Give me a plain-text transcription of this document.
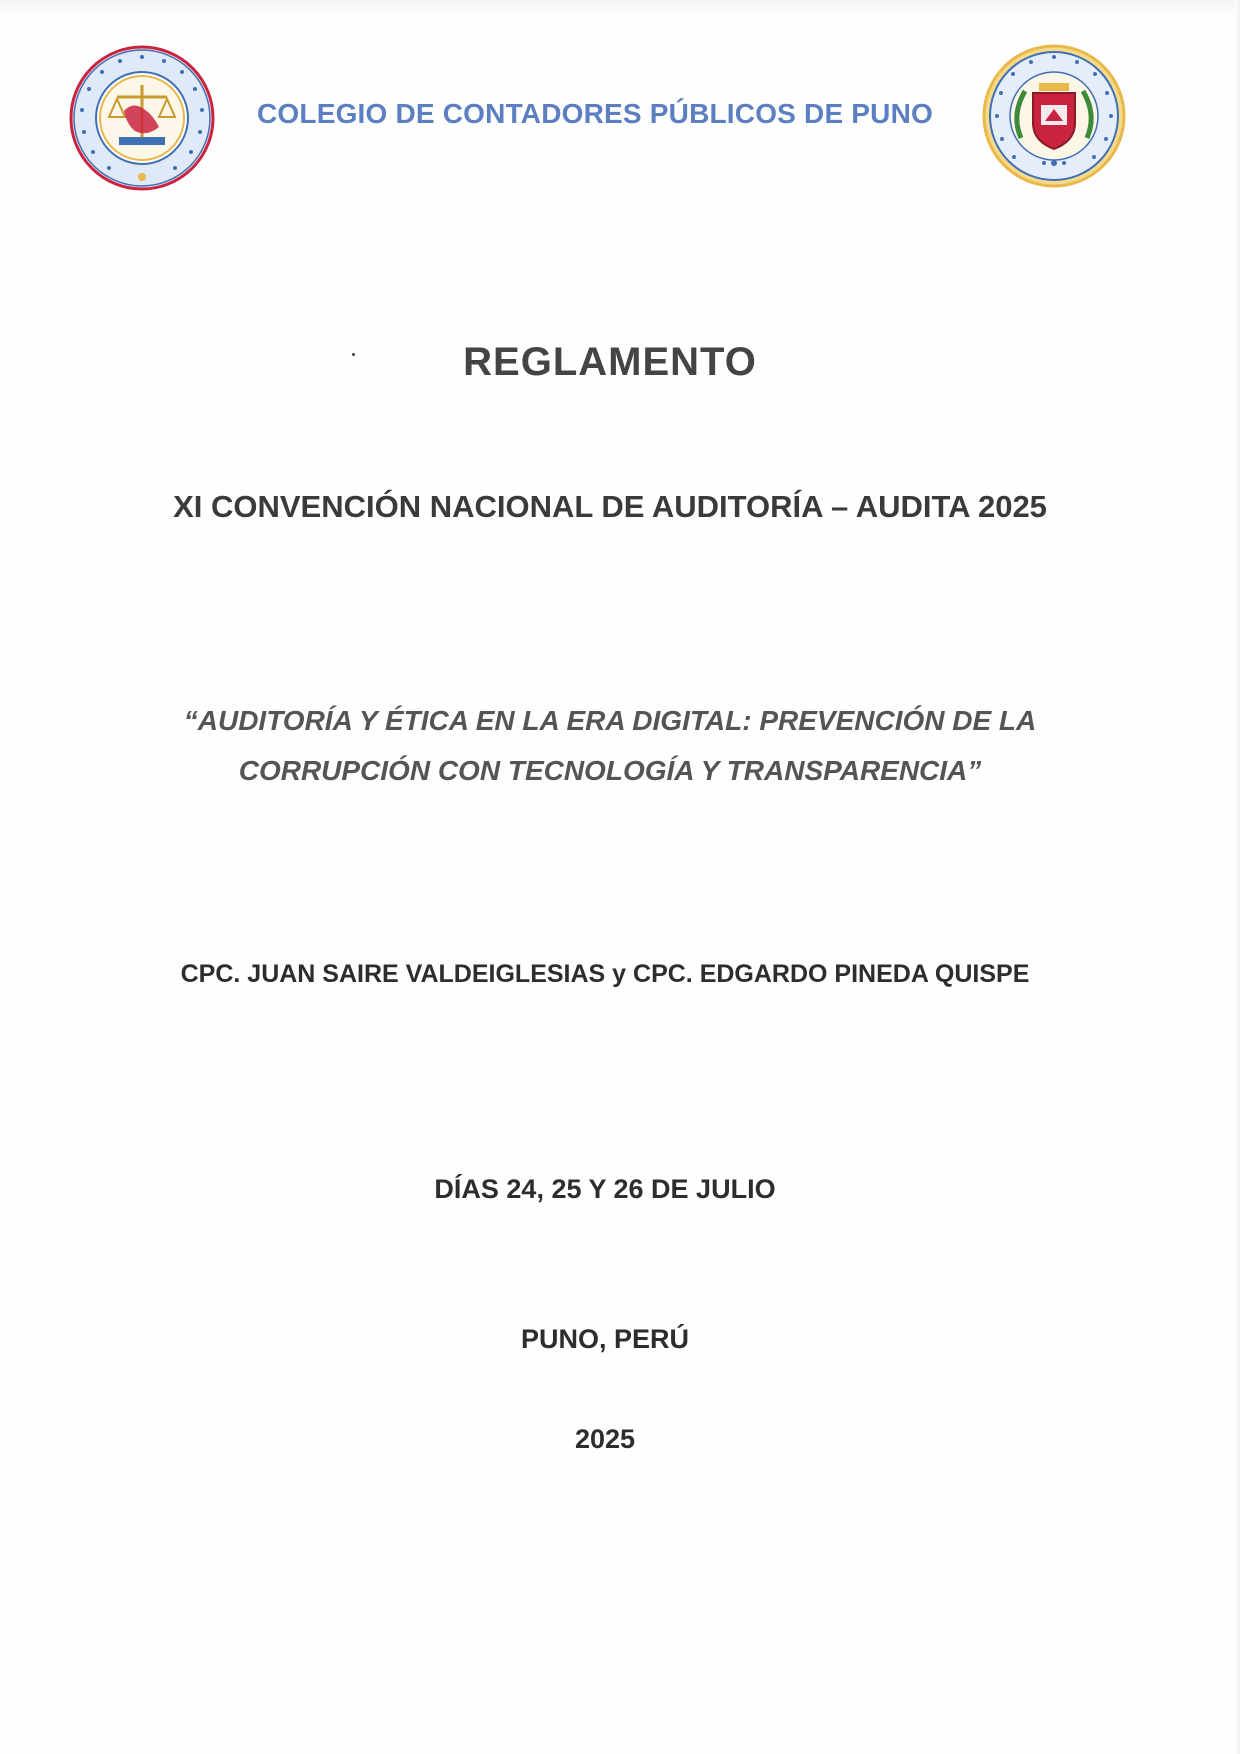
COLEGIO DE CONTADORES PÚBLICOS DE PUNO
REGLAMENTO
XI CONVENCIÓN NACIONAL DE AUDITORÍA – AUDITA 2025
“AUDITORÍA Y ÉTICA EN LA ERA DIGITAL: PREVENCIÓN DE LA
CORRUPCIÓN CON TECNOLOGÍA Y TRANSPARENCIA”
CPC. JUAN SAIRE VALDEIGLESIAS y CPC. EDGARDO PINEDA QUISPE
DÍAS 24, 25 Y 26 DE JULIO
PUNO, PERÚ
2025
